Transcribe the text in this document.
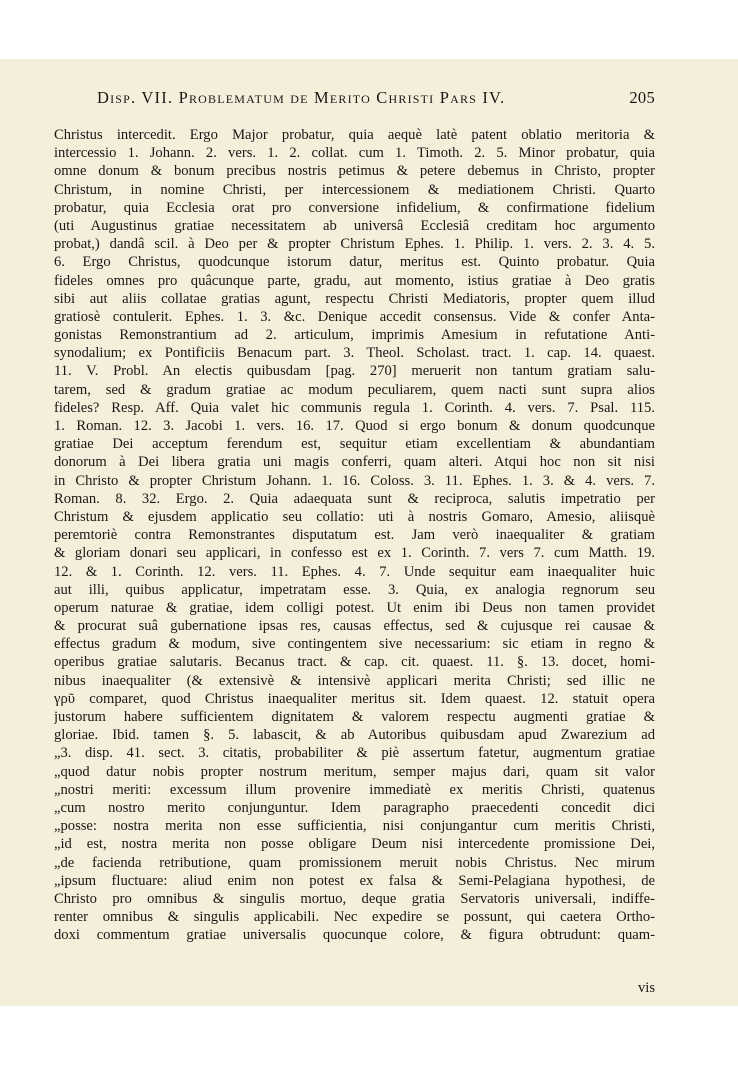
Disp. VII. Problematum de Merito Christi Pars IV.	205
Christus intercedit. Ergo Major probatur, quia aequè latè patent oblatio meritoria &
intercessio 1. Johann. 2. vers. 1. 2. collat. cum 1. Timoth. 2. 5. Minor probatur, quia
omne donum & bonum precibus nostris petimus & petere debemus in Christo, propter
Christum, in nomine Christi, per intercessionem & mediationem Christi. Quarto
probatur, quia Ecclesia orat pro conversione infidelium, & confirmatione fidelium
(uti Augustinus gratiae necessitatem ab universâ Ecclesiâ creditam hoc argumento
probat,) dandâ scil. à Deo per & propter Christum Ephes. 1. Philip. 1. vers. 2. 3. 4. 5.
6. Ergo Christus, quodcunque istorum datur, meritus est. Quinto probatur. Quia
fideles omnes pro quâcunque parte, gradu, aut momento, istius gratiae à Deo gratis
sibi aut aliis collatae gratias agunt, respectu Christi Mediatoris, propter quem illud
gratiosè contulerit. Ephes. 1. 3. &c. Denique accedit consensus. Vide & confer Anta-
gonistas Remonstrantium ad 2. articulum, imprimis Amesium in refutatione Anti-
synodalium; ex Pontificiis Benacum part. 3. Theol. Scholast. tract. 1. cap. 14. quaest.
11. V. Probl. An electis quibusdam [pag. 270] meruerit non tantum gratiam salu-
tarem, sed & gradum gratiae ac modum peculiarem, quem nacti sunt supra alios
fideles? Resp. Aff. Quia valet hic communis regula 1. Corinth. 4. vers. 7. Psal. 115.
1. Roman. 12. 3. Jacobi 1. vers. 16. 17. Quod si ergo bonum & donum quodcunque
gratiae Dei acceptum ferendum est, sequitur etiam excellentiam & abundantiam
donorum à Dei libera gratia uni magis conferri, quam alteri. Atqui hoc non sit nisi
in Christo & propter Christum Johann. 1. 16. Coloss. 3. 11. Ephes. 1. 3. & 4. vers. 7.
Roman. 8. 32. Ergo. 2. Quia adaequata sunt & reciproca, salutis impetratio per
Christum & ejusdem applicatio seu collatio: uti à nostris Gomaro, Amesio, aliisquè
peremtoriè contra Remonstrantes disputatum est. Jam verò inaequaliter & gratiam
& gloriam donari seu applicari, in confesso est ex 1. Corinth. 7. vers 7. cum Matth. 19.
12. & 1. Corinth. 12. vers. 11. Ephes. 4. 7. Unde sequitur eam inaequaliter huic
aut illi, quibus applicatur, impetratam esse. 3. Quia, ex analogia regnorum seu
operum naturae & gratiae, idem colligi potest. Ut enim ibi Deus non tamen providet
& procurat suâ gubernatione ipsas res, causas effectus, sed & cujusque rei causae &
effectus gradum & modum, sive contingentem sive necessarium: sic etiam in regno &
operibus gratiae salutaris. Becanus tract. & cap. cit. quaest. 11. §. 13. docet, homi-
nibus inaequaliter (& extensivè & intensivè applicari merita Christi; sed illic ne
γρῦ comparet, quod Christus inaequaliter meritus sit. Idem quaest. 12. statuit opera
justorum habere sufficientem dignitatem & valorem respectu augmenti gratiae &
gloriae. Ibid. tamen §. 5. labascit, & ab Autoribus quibusdam apud Zwarezium ad
„3. disp. 41. sect. 3. citatis, probabiliter & piè assertum fatetur, augmentum gratiae
„quod datur nobis propter nostrum meritum, semper majus dari, quam sit valor
„nostri meriti: excessum illum provenire immediatè ex meritis Christi, quatenus
„cum nostro merito conjunguntur. Idem paragrapho praecedenti concedit dici
„posse: nostra merita non esse sufficientia, nisi conjungantur cum meritis Christi,
„id est, nostra merita non posse obligare Deum nisi intercedente promissione Dei,
„de facienda retributione, quam promissionem meruit nobis Christus. Nec mirum
„ipsum fluctuare: aliud enim non potest ex falsa & Semi-Pelagiana hypothesi, de
Christo pro omnibus & singulis mortuo, deque gratia Servatoris universali, indiffe-
renter omnibus & singulis applicabili. Nec expedire se possunt, qui caetera Ortho-
doxi commentum gratiae universalis quocunque colore, & figura obtrudunt: quam-
vis
